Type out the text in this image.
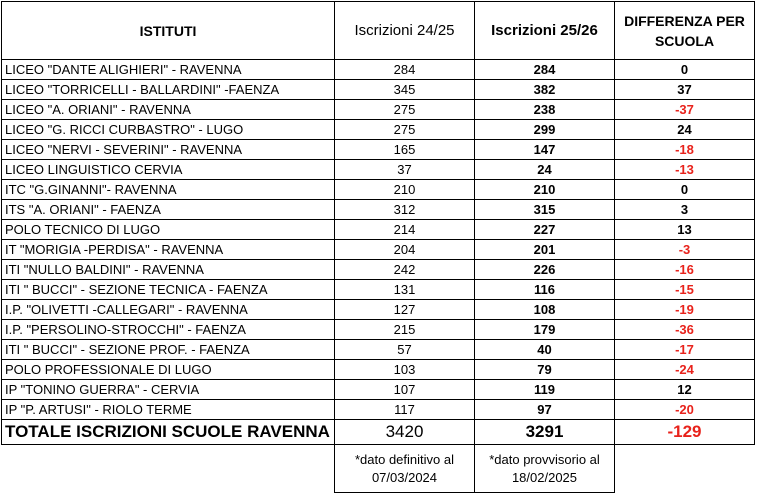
ISTITUTI	Iscrizioni 24/25	Iscrizioni 25/26	DIFFERENZA PER SCUOLA
LICEO "DANTE ALIGHIERI" - RAVENNA	284	284	0
LICEO "TORRICELLI - BALLARDINI" -FAENZA	345	382	37
LICEO "A. ORIANI" - RAVENNA	275	238	-37
LICEO "G. RICCI CURBASTRO" - LUGO	275	299	24
LICEO "NERVI - SEVERINI" - RAVENNA	165	147	-18
LICEO LINGUISTICO CERVIA	37	24	-13
ITC "G.GINANNI"- RAVENNA	210	210	0
ITS "A. ORIANI" - FAENZA	312	315	3
POLO TECNICO DI LUGO	214	227	13
IT "MORIGIA -PERDISA" - RAVENNA	204	201	-3
ITI "NULLO BALDINI" - RAVENNA	242	226	-16
ITI " BUCCI" - SEZIONE TECNICA - FAENZA	131	116	-15
I.P. "OLIVETTI -CALLEGARI" - RAVENNA	127	108	-19
I.P. "PERSOLINO-STROCCHI" - FAENZA	215	179	-36
ITI " BUCCI" - SEZIONE PROF. - FAENZA	57	40	-17
POLO PROFESSIONALE DI LUGO	103	79	-24
IP "TONINO GUERRA" - CERVIA	107	119	12
IP "P. ARTUSI" - RIOLO TERME	117	97	-20
TOTALE ISCRIZIONI SCUOLE RAVENNA	3420	3291	-129
	*dato definitivo al 07/03/2024	*dato provvisorio al 18/02/2025	
